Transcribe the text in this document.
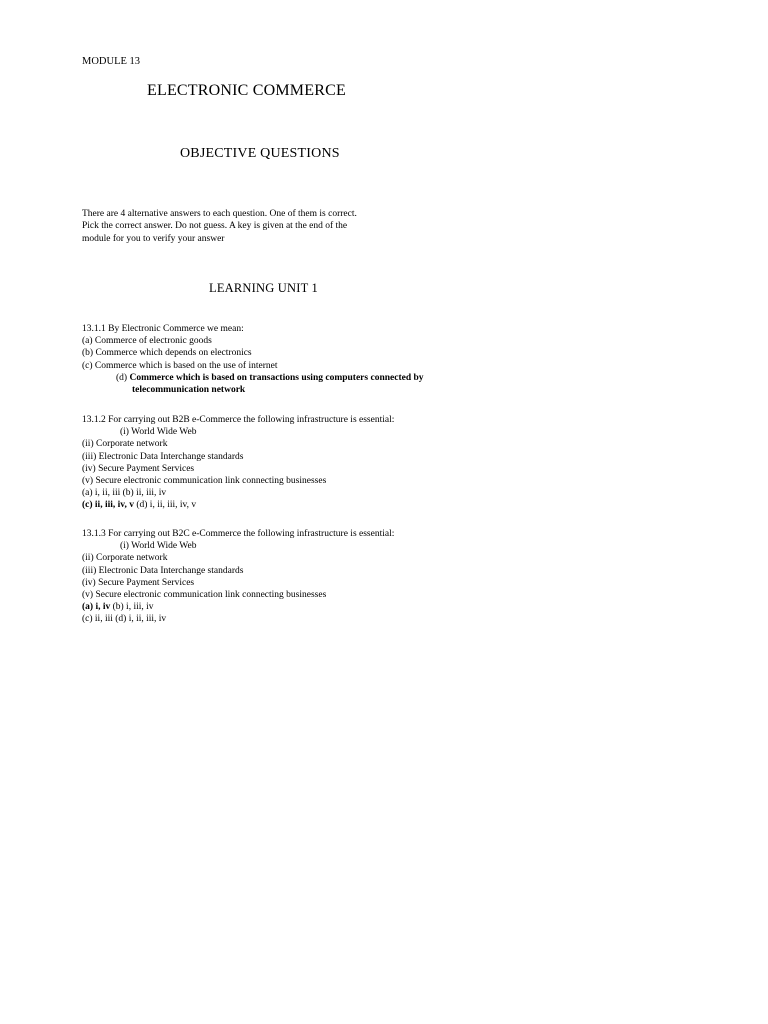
MODULE 13
ELECTRONIC COMMERCE
OBJECTIVE QUESTIONS
There are 4 alternative answers to each question. One of them is correct.
Pick the correct answer. Do not guess. A key is given at the end of the
module for you to verify your answer
LEARNING UNIT 1
13.1.1 By Electronic Commerce we mean:
(a) Commerce of electronic goods
(b) Commerce which depends on electronics
(c) Commerce which is based on the use of internet
(d) Commerce which is based on transactions using computers connected by
telecommunication network
13.1.2 For carrying out B2B e-Commerce the following infrastructure is essential:
(i) World Wide Web
(ii) Corporate network
(iii) Electronic Data Interchange standards
(iv) Secure Payment Services
(v) Secure electronic communication link connecting businesses
(a) i, ii, iii (b) ii, iii, iv
(c) ii, iii, iv, v (d) i, ii, iii, iv, v
13.1.3 For carrying out B2C e-Commerce the following infrastructure is essential:
(i) World Wide Web
(ii) Corporate network
(iii) Electronic Data Interchange standards
(iv) Secure Payment Services
(v) Secure electronic communication link connecting businesses
(a) i, iv (b) i, iii, iv
(c) ii, iii (d) i, ii, iii, iv
